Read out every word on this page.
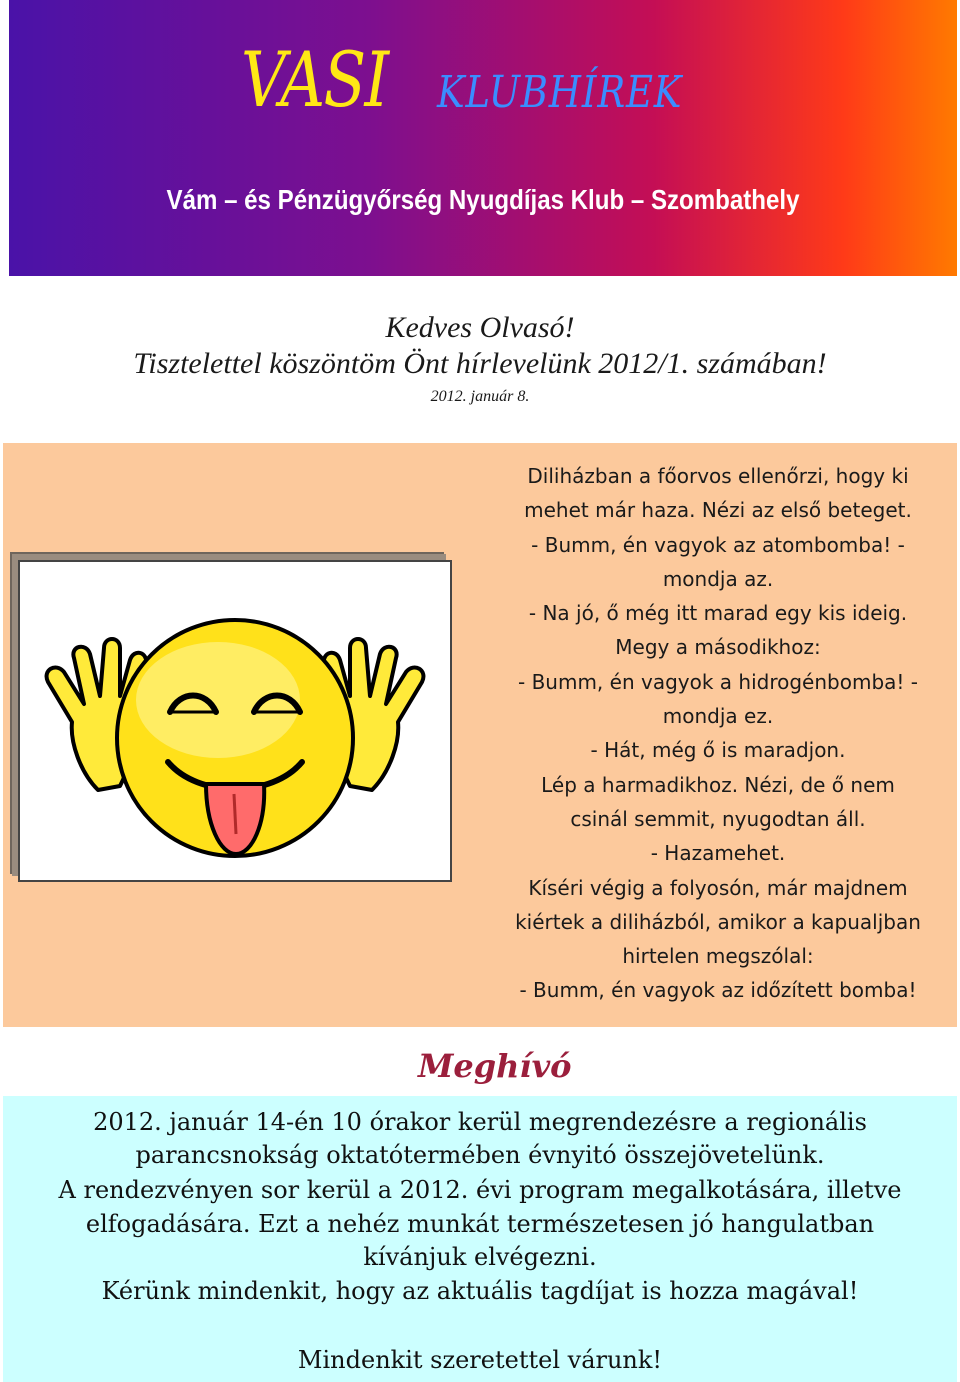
VASI KLUBHÍREK
Vám – és Pénzügyőrség Nyugdíjas Klub – Szombathely
Kedves Olvasó!
Tisztelettel köszöntöm Önt hírlevelünk 2012/1. számában!
2012. január 8.
Diliházban a főorvos ellenőrzi, hogy ki
mehet már haza. Nézi az első beteget.
- Bumm, én vagyok az atombomba! -
mondja az.
- Na jó, ő még itt marad egy kis ideig.
Megy a másodikhoz:
- Bumm, én vagyok a hidrogénbomba! -
mondja ez.
- Hát, még ő is maradjon.
Lép a harmadikhoz. Nézi, de ő nem
csinál semmit, nyugodtan áll.
- Hazamehet.
Kíséri végig a folyosón, már majdnem
kiértek a diliházból, amikor a kapualjban
hirtelen megszólal:
- Bumm, én vagyok az időzített bomba!
Meghívó
2012. január 14-én 10 órakor kerül megrendezésre a regionális
parancsnokság oktatótermében évnyitó összejövetelünk.
A rendezvényen sor kerül a 2012. évi program megalkotására, illetve
elfogadására. Ezt a nehéz munkát természetesen jó hangulatban
kívánjuk elvégezni.
Kérünk mindenkit, hogy az aktuális tagdíjat is hozza magával!
Mindenkit szeretettel várunk!
